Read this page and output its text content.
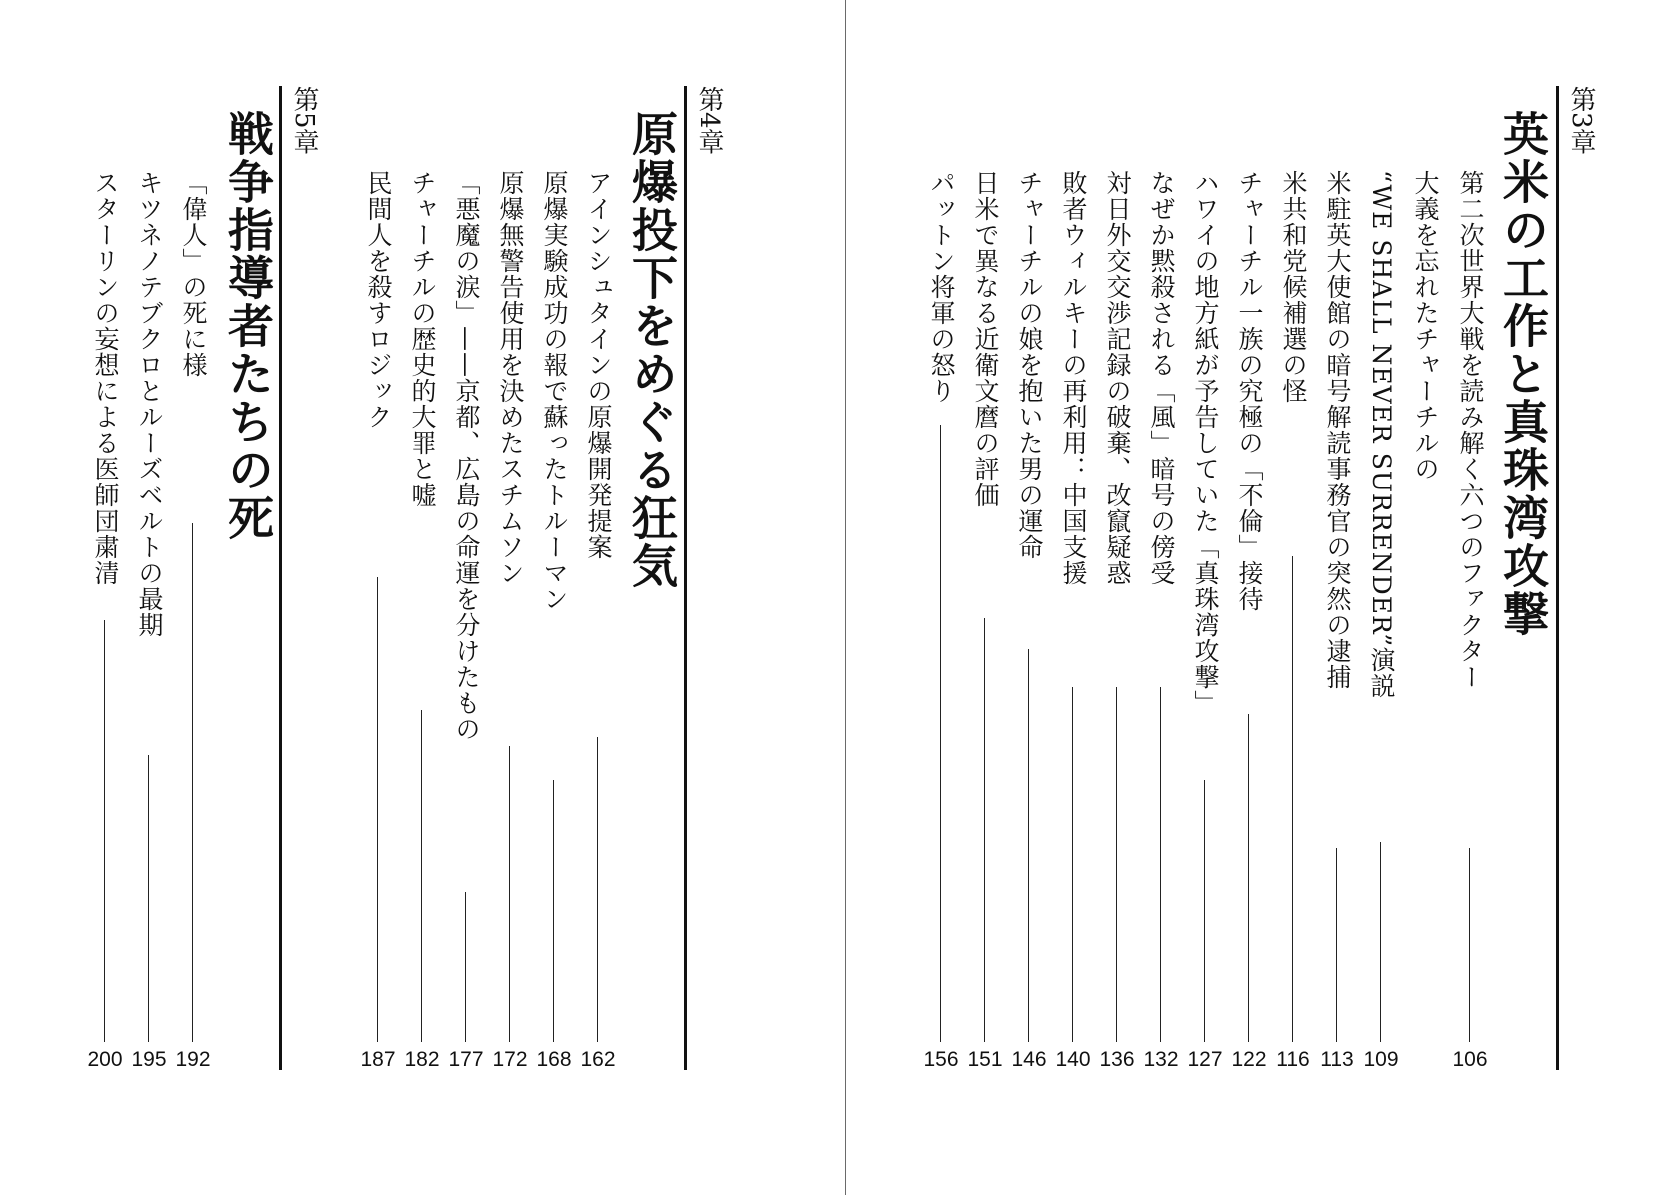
第3章
英米の工作と真珠湾攻撃
第二次世界大戦を読み解く六つのファクター
106
大義を忘れたチャーチルの
“WE SHALL NEVER SURRENDER”演説
109
米駐英大使館の暗号解読事務官の突然の逮捕
113
米共和党候補選の怪
116
チャーチル一族の究極の「不倫」接待
122
ハワイの地方紙が予告していた「真珠湾攻撃」
127
なぜか黙殺される「風」暗号の傍受
132
対日外交交渉記録の破棄、改竄疑惑
136
敗者ウィルキーの再利用：中国支援
140
チャーチルの娘を抱いた男の運命
146
日米で異なる近衛文麿の評価
151
パットン将軍の怒り
156
第4章
原爆投下をめぐる狂気
アインシュタインの原爆開発提案
162
原爆実験成功の報で蘇ったトルーマン
168
原爆無警告使用を決めたスチムソン
172
「悪魔の涙」——京都、広島の命運を分けたもの
177
チャーチルの歴史的大罪と嘘
182
民間人を殺すロジック
187
第5章
戦争指導者たちの死
「偉人」の死に様
192
キツネノテブクロとルーズベルトの最期
195
スターリンの妄想による医師団粛清
200
